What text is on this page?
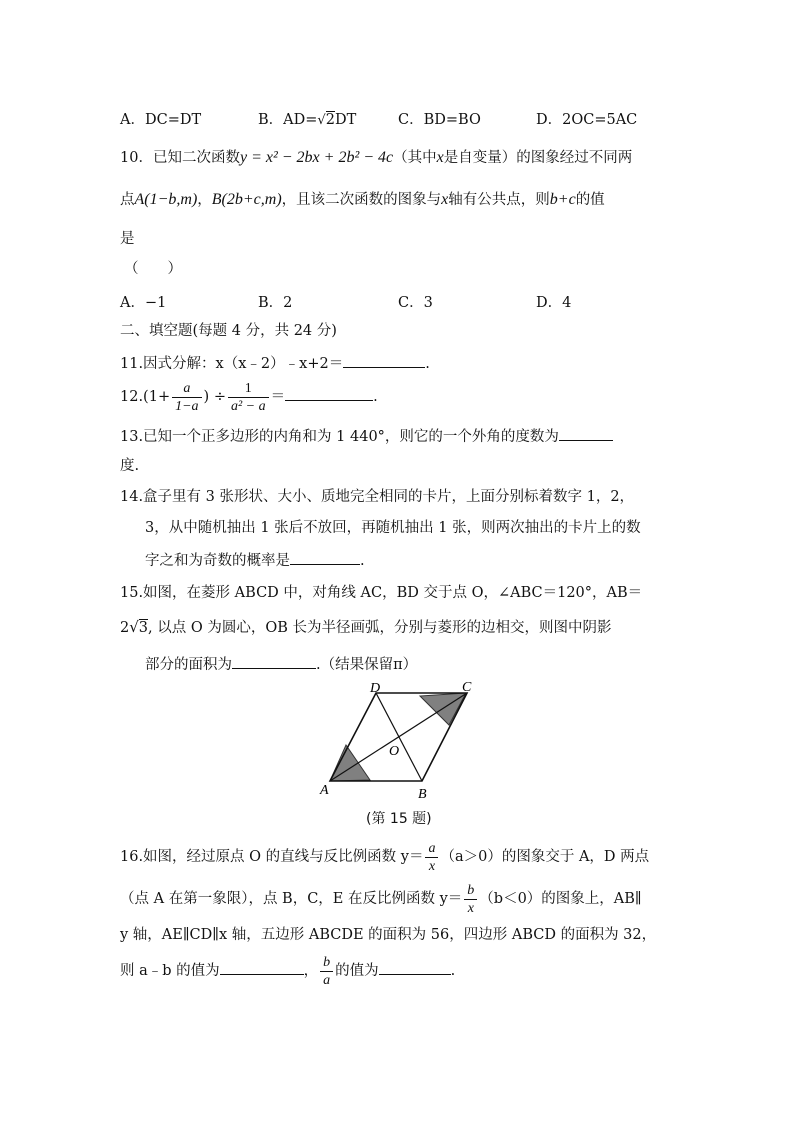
A．DC=DT	B．AD=√2DT	C．BD=BO	D．2OC=5AC
10．已知二次函数y = x² − 2bx + 2b² − 4c（其中x是自变量）的图象经过不同两
点A(1−b,m)，B(2b+c,m)，且该二次函数的图象与x轴有公共点，则b+c的值
是
（　　）
A．−1	B．2	C．3	D．4
二、填空题(每题 4 分，共 24 分)
11.因式分解：x（x﹣2）﹣x+2＝	.
$12.(1+ \frac{a}{1-a}$ ) ÷ $\frac{1}{\text{a² − a}}$ ＝	.
13.已知一个正多边形的内角和为 1 440°，则它的一个外角的度数为
度.
14.盒子里有 3 张形状、大小、质地完全相同的卡片，上面分别标着数字 1，2，
3，从中随机抽出 1 张后不放回，再随机抽出 1 张，则两次抽出的卡片上的数
字之和为奇数的概率是	.
15.如图，在菱形 ABCD 中，对角线 AC，BD 交于点 O，∠ABC＝120°，AB＝
2√3, 以点 O 为圆心，OB 长为半径画弧，分别与菱形的边相交，则图中阴影
部分的面积为	.（结果保留π）
D	C
O
A	B
(第 15 题)
16.如图，经过原点 O 的直线与反比例函数 $y= \frac{a}{x} (a>0)$的图象交于 A，D 两点
（点 A 在第一象限），点 B，C，E 在反比例函数 $y= \frac{b}{x} (b<0)$的图象上，AB∥
y 轴，AE∥CD∥x 轴，五边形 ABCDE 的面积为 56，四边形 ABCD 的面积为 32，
则 a﹣b 的值为	， $\frac{b}{a}$ 的值为	.
